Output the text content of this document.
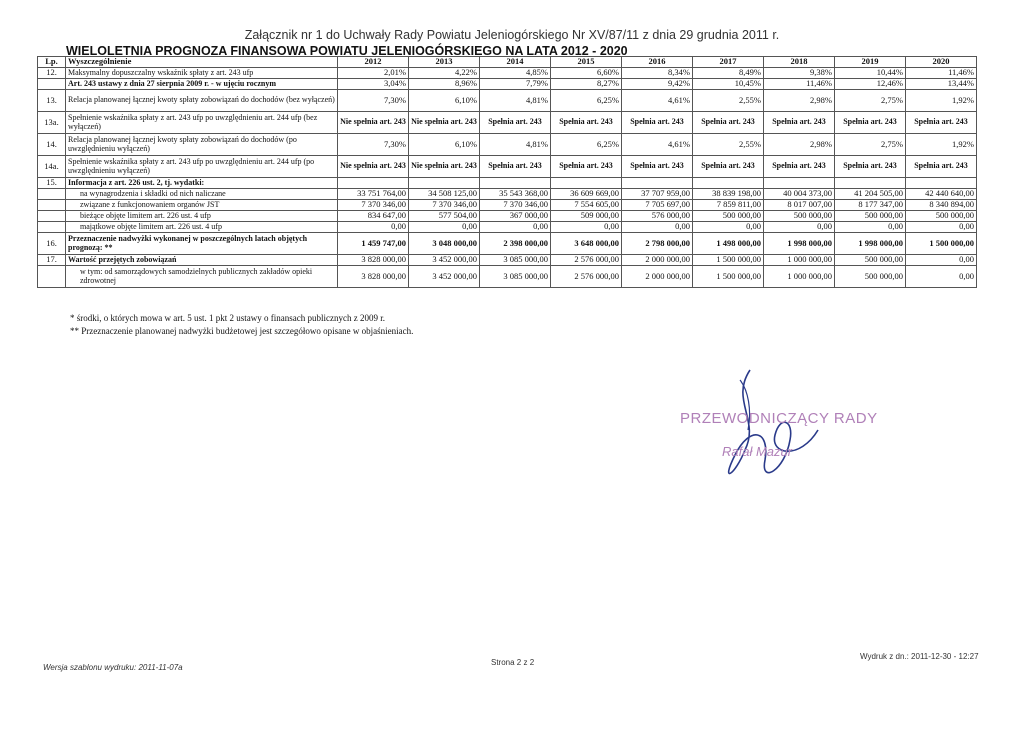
Załącznik nr 1 do Uchwały Rady Powiatu Jeleniogórskiego Nr XV/87/11 z dnia 29 grudnia 2011 r.
WIELOLETNIA PROGNOZA FINANSOWA POWIATU JELENIOGÓRSKIEGO NA LATA 2012 - 2020
Lp.	Wyszczególnienie	2012	2013	2014	2015	2016	2017	2018	2019	2020
12.	Maksymalny dopuszczalny wskaźnik spłaty z art. 243 ufp	2,01%	4,22%	4,85%	6,60%	8,34%	8,49%	9,38%	10,44%	11,46%
	Art. 243 ustawy z dnia 27 sierpnia 2009 r. - w ujęciu rocznym	3,04%	8,96%	7,79%	8,27%	9,42%	10,45%	11,46%	12,46%	13,44%
13.	Relacja planowanej łącznej kwoty spłaty zobowiązań do dochodów (bez wyłączeń)	7,30%	6,10%	4,81%	6,25%	4,61%	2,55%	2,98%	2,75%	1,92%
13a.	Spełnienie wskaźnika spłaty z art. 243 ufp po uwzględnieniu art. 244 ufp (bez wyłączeń)	Nie spełnia art. 243	Nie spełnia art. 243	Spełnia art. 243	Spełnia art. 243	Spełnia art. 243	Spełnia art. 243	Spełnia art. 243	Spełnia art. 243	Spełnia art. 243
14.	Relacja planowanej łącznej kwoty spłaty zobowiązań do dochodów (po uwzględnieniu wyłączeń)	7,30%	6,10%	4,81%	6,25%	4,61%	2,55%	2,98%	2,75%	1,92%
14a.	Spełnienie wskaźnika spłaty z art. 243 ufp po uwzględnieniu art. 244 ufp (po uwzględnieniu wyłączeń)	Nie spełnia art. 243	Nie spełnia art. 243	Spełnia art. 243	Spełnia art. 243	Spełnia art. 243	Spełnia art. 243	Spełnia art. 243	Spełnia art. 243	Spełnia art. 243
15.	Informacja z art. 226 ust. 2, tj. wydatki:									
	na wynagrodzenia i składki od nich naliczane	33 751 764,00	34 508 125,00	35 543 368,00	36 609 669,00	37 707 959,00	38 839 198,00	40 004 373,00	41 204 505,00	42 440 640,00
	związane z funkcjonowaniem organów JST	7 370 346,00	7 370 346,00	7 370 346,00	7 554 605,00	7 705 697,00	7 859 811,00	8 017 007,00	8 177 347,00	8 340 894,00
	bieżące objęte limitem art. 226 ust. 4 ufp	834 647,00	577 504,00	367 000,00	509 000,00	576 000,00	500 000,00	500 000,00	500 000,00	500 000,00
	majątkowe objęte limitem art. 226 ust. 4 ufp	0,00	0,00	0,00	0,00	0,00	0,00	0,00	0,00	0,00
16.	Przeznaczenie nadwyżki wykonanej w poszczególnych latach objętych prognozą: **	1 459 747,00	3 048 000,00	2 398 000,00	3 648 000,00	2 798 000,00	1 498 000,00	1 998 000,00	1 998 000,00	1 500 000,00
17.	Wartość przejętych zobowiązań	3 828 000,00	3 452 000,00	3 085 000,00	2 576 000,00	2 000 000,00	1 500 000,00	1 000 000,00	500 000,00	0,00
	w tym: od samorządowych samodzielnych publicznych zakładów opieki zdrowotnej	3 828 000,00	3 452 000,00	3 085 000,00	2 576 000,00	2 000 000,00	1 500 000,00	1 000 000,00	500 000,00	0,00
* środki, o których mowa w art. 5 ust. 1 pkt 2 ustawy o finansach publicznych z 2009 r.
** Przeznaczenie planowanej nadwyżki budżetowej jest szczegółowo opisane w objaśnieniach.
PRZEWODNICZĄCY RADY
Rafał Mazur
Wersja szablonu wydruku: 2011-11-07a
Strona 2 z 2
Wydruk z dn.: 2011-12-30 - 12:27
